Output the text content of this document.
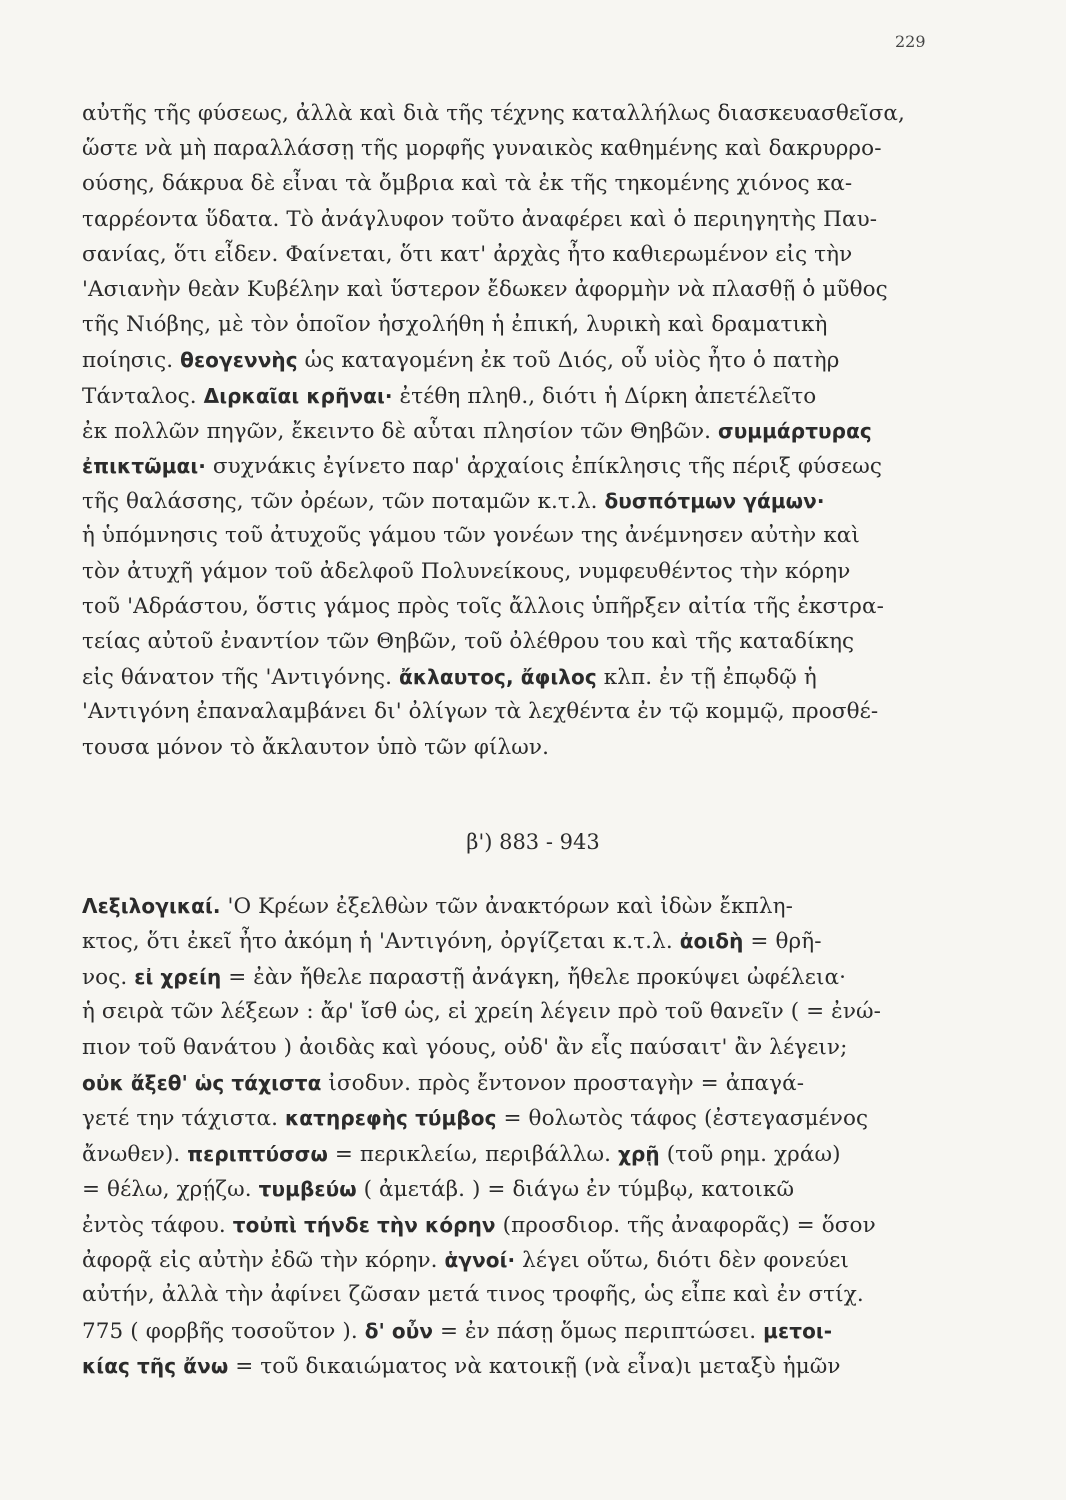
229
αὐτῆς τῆς φύσεως, ἀλλὰ καὶ διὰ τῆς τέχνης καταλλήλως διασκευασθεῖσα,
ὥστε νὰ μὴ παραλλάσσῃ τῆς μορφῆς γυναικὸς καθημένης καὶ δακρυρρο-
ούσης, δάκρυα δὲ εἶναι τὰ ὄμβρια καὶ τὰ ἐκ τῆς τηκομένης χιόνος κα-
ταρρέοντα ὕδατα. Τὸ ἀνάγλυφον τοῦτο ἀναφέρει καὶ ὁ περιηγητὴς Παυ-
σανίας, ὅτι εἶδεν. Φαίνεται, ὅτι κατ' ἀρχὰς ἦτο καθιερωμένον εἰς τὴν
'Ασιανὴν θεὰν Κυβέλην καὶ ὕστερον ἔδωκεν ἀφορμὴν νὰ πλασθῇ ὁ μῦθος
τῆς Νιόβης, μὲ τὸν ὁποῖον ἠσχολήθη ἡ ἐπική, λυρικὴ καὶ δραματικὴ
ποίησις. θεογεννὴς ὡς καταγομένη ἐκ τοῦ Διός, οὗ υἱὸς ἦτο ὁ πατὴρ
Τάνταλος. Διρκαῖαι κρῆναι· ἐτέθη πληθ., διότι ἡ Δίρκη ἀπετέλεῖτο
ἐκ πολλῶν πηγῶν, ἔκειντο δὲ αὗται πλησίον τῶν Θηβῶν. συμμάρτυρας
ἐπικτῶμαι· συχνάκις ἐγίνετο παρ' ἀρχαίοις ἐπίκλησις τῆς πέριξ φύσεως
τῆς θαλάσσης, τῶν ὀρέων, τῶν ποταμῶν κ.τ.λ. δυσπότμων γάμων·
ἡ ὑπόμνησις τοῦ ἀτυχοῦς γάμου τῶν γονέων της ἀνέμνησεν αὐτὴν καὶ
τὸν ἀτυχῆ γάμον τοῦ ἀδελφοῦ Πολυνείκους, νυμφευθέντος τὴν κόρην
τοῦ 'Αδράστου, ὅστις γάμος πρὸς τοῖς ἄλλοις ὑπῆρξεν αἰτία τῆς ἐκστρα-
τείας αὐτοῦ ἐναντίον τῶν Θηβῶν, τοῦ ὀλέθρου του καὶ τῆς καταδίκης
εἰς θάνατον τῆς 'Αντιγόνης. ἄκλαυτος, ἄφιλος κλπ. ἐν τῇ ἐπῳδῷ ἡ
'Αντιγόνη ἐπαναλαμβάνει δι' ὀλίγων τὰ λεχθέντα ἐν τῷ κομμῷ, προσθέ-
τουσα μόνον τὸ ἄκλαυτον ὑπὸ τῶν φίλων.
β') 883 - 943
Λεξιλογικαί. 'Ο Κρέων ἐξελθὼν τῶν ἀνακτόρων καὶ ἰδὼν ἔκπλη-
κτος, ὅτι ἐκεῖ ἦτο ἀκόμη ἡ 'Αντιγόνη, ὀργίζεται κ.τ.λ. ἀοιδὴ = θρῆ-
νος. εἰ χρείη = ἐὰν ἤθελε παραστῇ ἀνάγκη, ἤθελε προκύψει ὠφέλεια·
ἡ σειρὰ τῶν λέξεων : ἄρ' ἴσθ ὡς, εἰ χρείη λέγειν πρὸ τοῦ θανεῖν ( = ἐνώ-
πιον τοῦ θανάτου ) ἀοιδὰς καὶ γόους, οὐδ' ἂν εἷς παύσαιτ' ἂν λέγειν;
οὐκ ἄξεθ' ὡς τάχιστα ἰσοδυν. πρὸς ἔντονον προσταγὴν = ἀπαγά-
γετέ την τάχιστα. κατηρεφὴς τύμβος = θολωτὸς τάφος (ἐστεγασμένος
ἄνωθεν). περιπτύσσω = περικλείω, περιβάλλω. χρῇ (τοῦ ρημ. χράω)
= θέλω, χρῄζω. τυμβεύω ( ἀμετάβ. ) = διάγω ἐν τύμβῳ, κατοικῶ
ἐντὸς τάφου. τοὐπὶ τήνδε τὴν κόρην (προσδιορ. τῆς ἀναφορᾶς) = ὅσον
ἀφορᾷ εἰς αὐτὴν ἐδῶ τὴν κόρην. ἁγνοί· λέγει οὕτω, διότι δὲν φονεύει
αὐτήν, ἀλλὰ τὴν ἀφίνει ζῶσαν μετά τινος τροφῆς, ὡς εἶπε καὶ ἐν στίχ.
775 ( φορβῆς τοσοῦτον ). δ' οὖν = ἐν πάσῃ ὅμως περιπτώσει. μετοι-
κίας τῆς ἄνω = τοῦ δικαιώματος νὰ κατοικῇ (νὰ εἶνα)ι μεταξὺ ἡμῶν
